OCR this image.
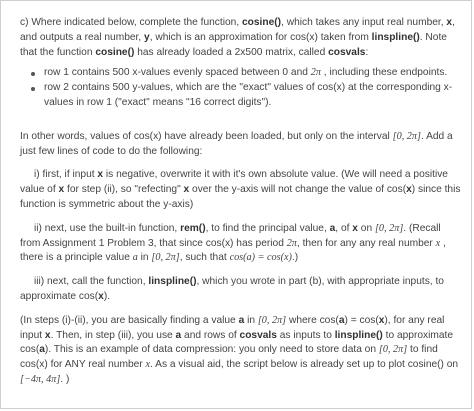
c) Where indicated below, complete the function, cosine(), which takes any input real number, x, and outputs a real number, y, which is an approximation for cos(x) taken from linspline(). Note that the function cosine() has already loaded a 2x500 matrix, called cosvals:

row 1 contains 500 x-values evenly spaced between 0 and 2π , including these endpoints.
row 2 contains 500 y-values, which are the "exact" values of cos(x) at the corresponding x-values in row 1 ("exact" means "16 correct digits").

In other words, values of cos(x) have already been loaded, but only on the interval [0, 2π]. Add a just few lines of code to do the following:

i) first, if input x is negative, overwrite it with it's own absolute value. (We will need a positive value of x for step (ii), so "refecting" x over the y-axis will not change the value of cos(x) since this function is symmetric about the y-axis)

ii) next, use the built-in function, rem(), to find the principal value, a, of x on [0, 2π]. (Recall from Assignment 1 Problem 3, that since cos(x) has period 2π, then for any any real number x , there is a principle value a in [0, 2π], such that cos(a) = cos(x).)

iii) next, call the function, linspline(), which you wrote in part (b), with appropriate inputs, to approximate cos(x).

(In steps (i)-(ii), you are basically finding a value a in [0, 2π] where cos(a) = cos(x), for any real input x. Then, in step (iii), you use a and rows of cosvals as inputs to linspline() to approximate cos(a). This is an example of data compression: you only need to store data on [0, 2π] to find cos(x) for ANY real number x. As a visual aid, the script below is already set up to plot cosine() on [−4π, 4π]. )
